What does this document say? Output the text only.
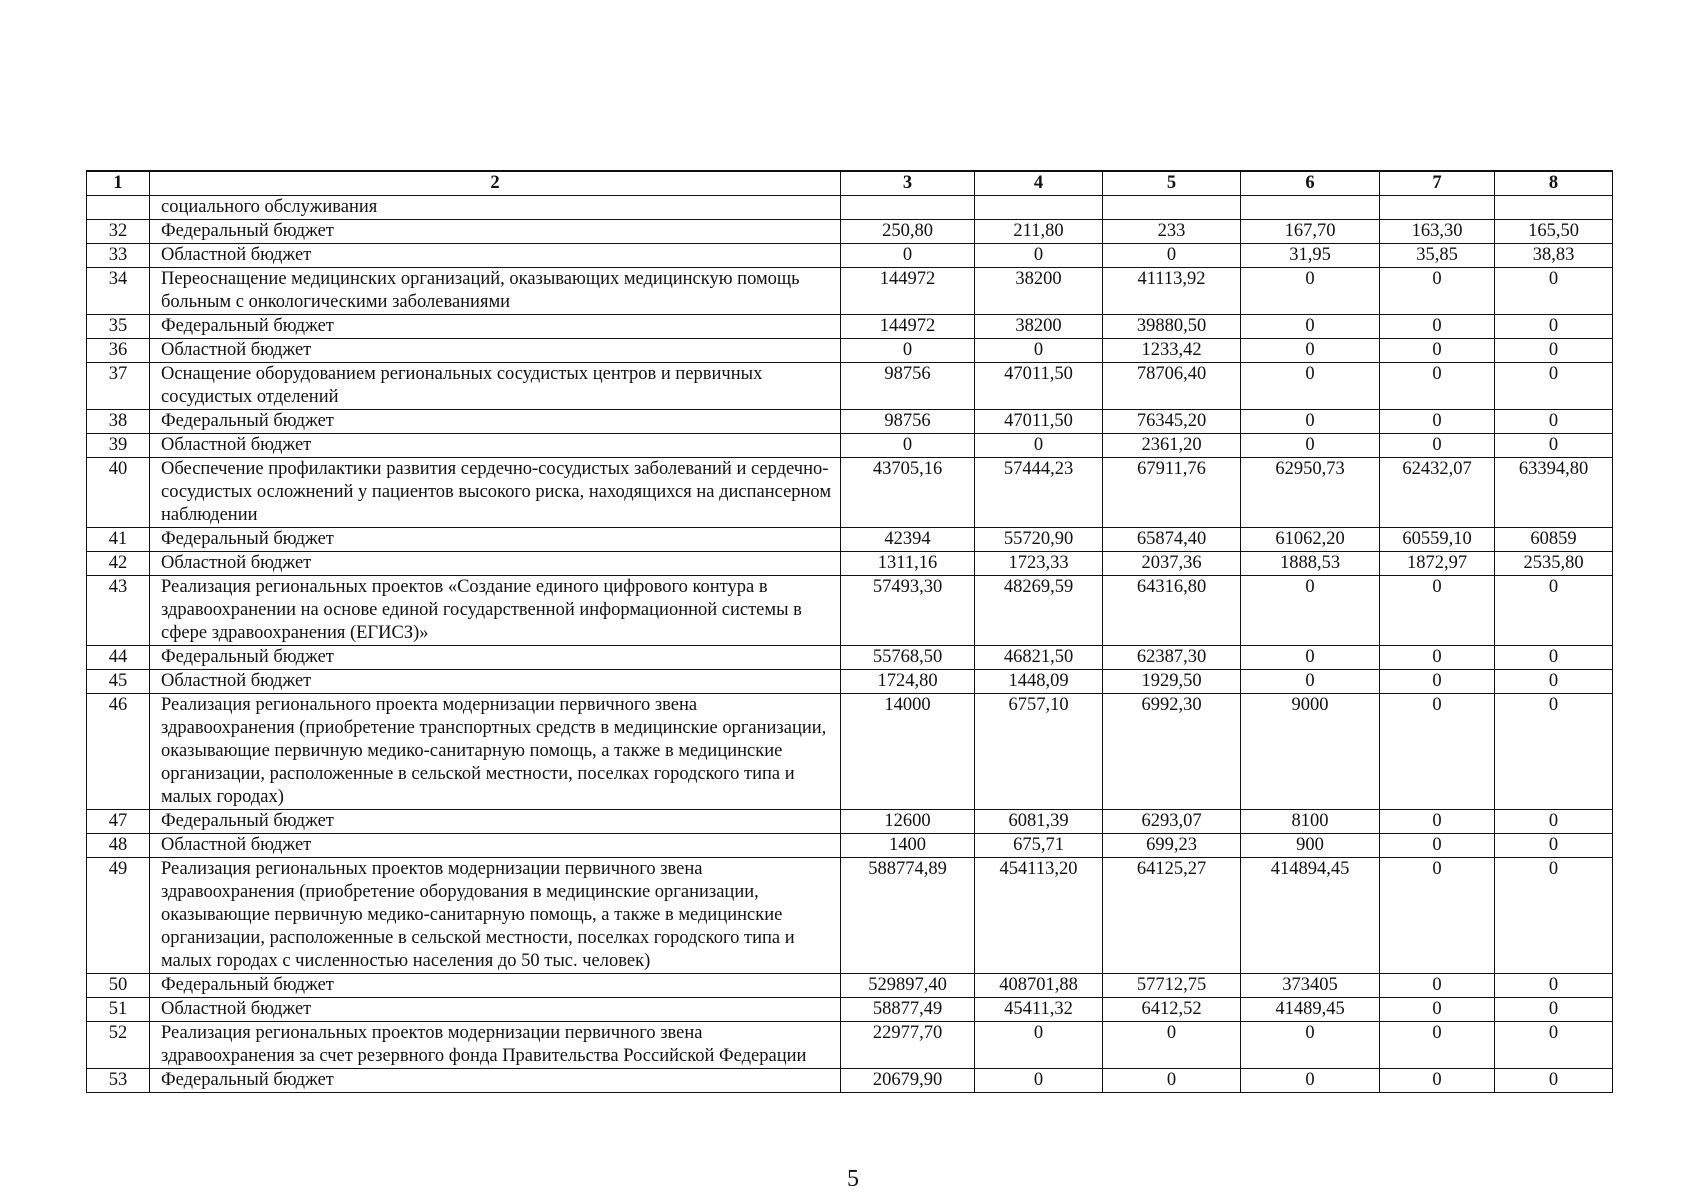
1	2	3	4	5	6	7	8
	социального обслуживания						
32	Федеральный бюджет	250,80	211,80	233	167,70	163,30	165,50
33	Областной бюджет	0	0	0	31,95	35,85	38,83
34	Переоснащение медицинских организаций, оказывающих медицинскую помощь больным с онкологическими заболеваниями	144972	38200	41113,92	0	0	0
35	Федеральный бюджет	144972	38200	39880,50	0	0	0
36	Областной бюджет	0	0	1233,42	0	0	0
37	Оснащение оборудованием региональных сосудистых центров и первичных сосудистых отделений	98756	47011,50	78706,40	0	0	0
38	Федеральный бюджет	98756	47011,50	76345,20	0	0	0
39	Областной бюджет	0	0	2361,20	0	0	0
40	Обеспечение профилактики развития сердечно-сосудистых заболеваний и сердечно-сосудистых осложнений у пациентов высокого риска, находящихся на диспансерном наблюдении	43705,16	57444,23	67911,76	62950,73	62432,07	63394,80
41	Федеральный бюджет	42394	55720,90	65874,40	61062,20	60559,10	60859
42	Областной бюджет	1311,16	1723,33	2037,36	1888,53	1872,97	2535,80
43	Реализация региональных проектов «Создание единого цифрового контура в здравоохранении на основе единой государственной информационной системы в сфере здравоохранения (ЕГИСЗ)»	57493,30	48269,59	64316,80	0	0	0
44	Федеральный бюджет	55768,50	46821,50	62387,30	0	0	0
45	Областной бюджет	1724,80	1448,09	1929,50	0	0	0
46	Реализация регионального проекта модернизации первичного звена здравоохранения (приобретение транспортных средств в медицинские организации, оказывающие первичную медико-санитарную помощь, а также в медицинские организации, расположенные в сельской местности, поселках городского типа и малых городах)	14000	6757,10	6992,30	9000	0	0
47	Федеральный бюджет	12600	6081,39	6293,07	8100	0	0
48	Областной бюджет	1400	675,71	699,23	900	0	0
49	Реализация региональных проектов модернизации первичного звена здравоохранения (приобретение оборудования в медицинские организации, оказывающие первичную медико-санитарную помощь, а также в медицинские организации, расположенные в сельской местности, поселках городского типа и малых городах с численностью населения до 50 тыс. человек)	588774,89	454113,20	64125,27	414894,45	0	0
50	Федеральный бюджет	529897,40	408701,88	57712,75	373405	0	0
51	Областной бюджет	58877,49	45411,32	6412,52	41489,45	0	0
52	Реализация региональных проектов модернизации первичного звена здравоохранения за счет резервного фонда Правительства Российской Федерации	22977,70	0	0	0	0	0
53	Федеральный бюджет	20679,90	0	0	0	0	0
5
